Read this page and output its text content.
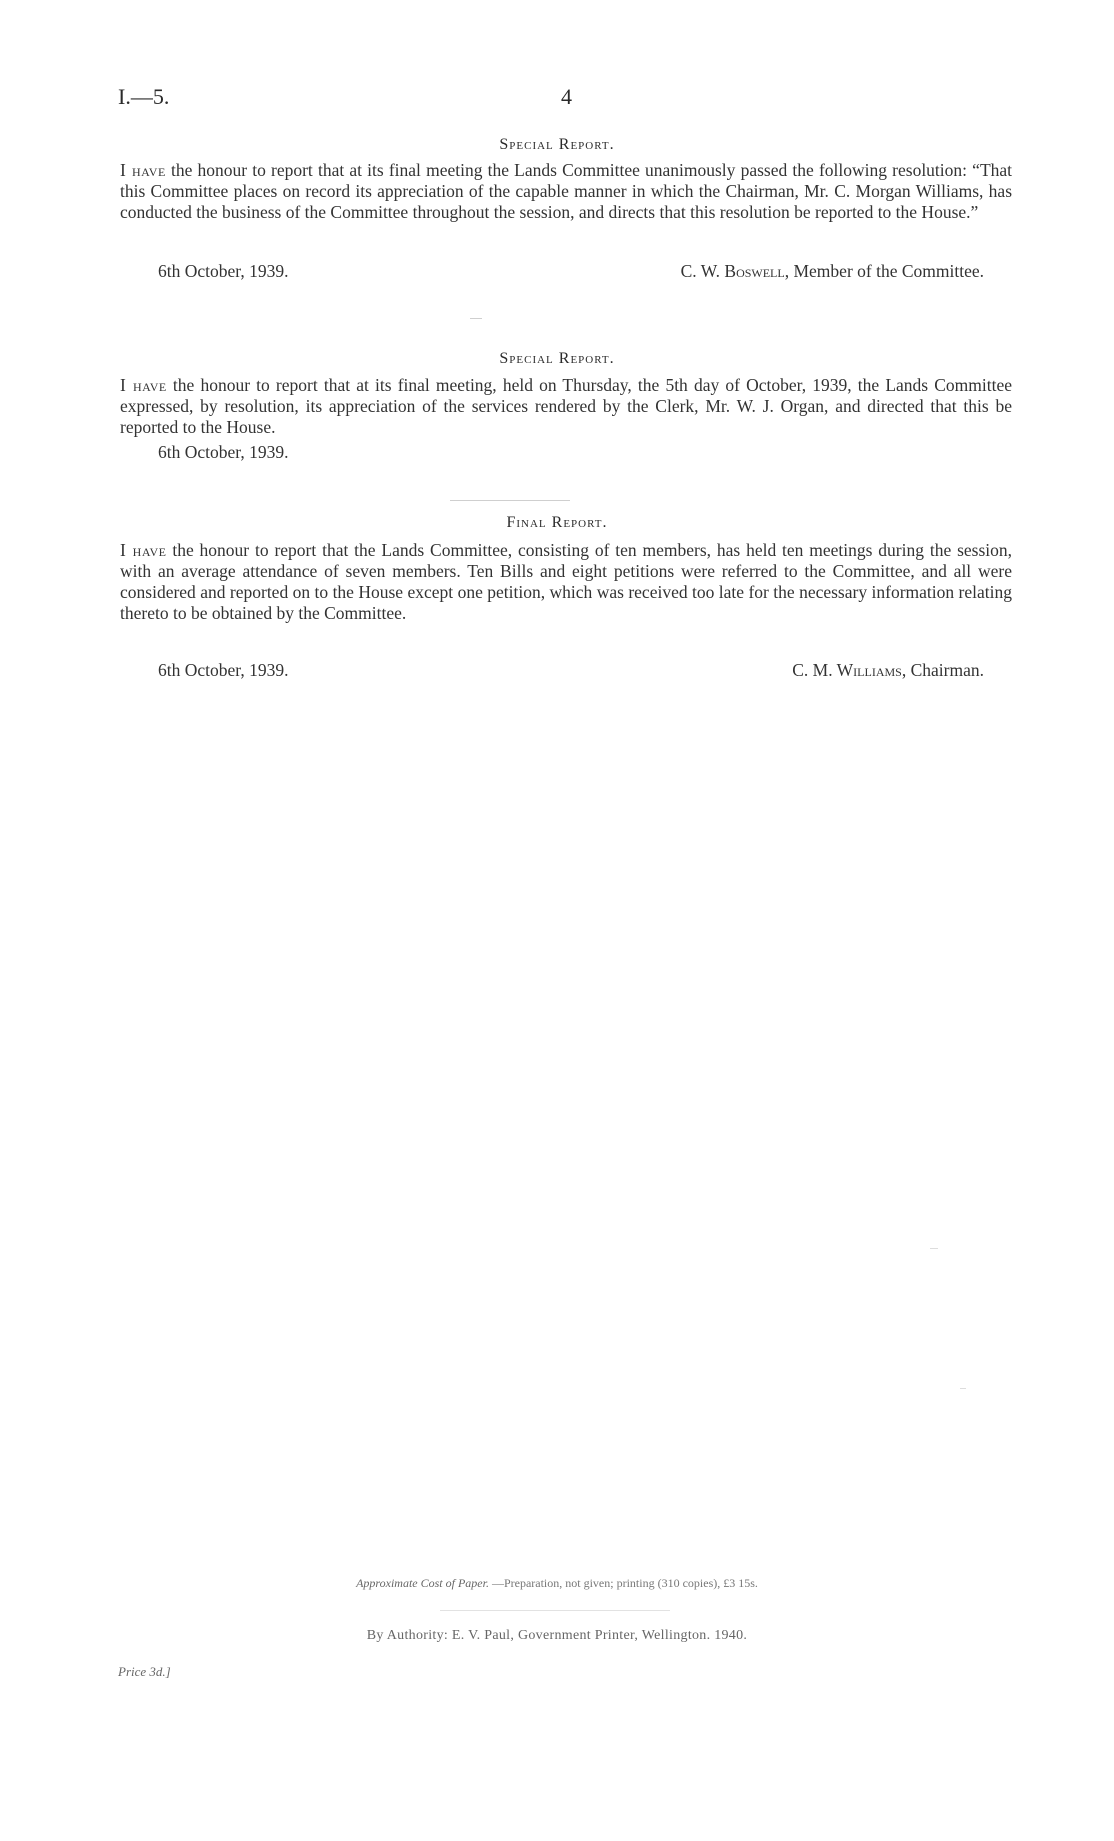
I.—5.	4
Special Report.
I have the honour to report that at its final meeting the Lands Committee unanimously passed the following resolution: “That this Committee places on record its appreciation of the capable manner in which the Chairman, Mr. C. Morgan Williams, has conducted the business of the Committee throughout the session, and directs that this resolution be reported to the House.”
6th October, 1939.	C. W. Boswell, Member of the Committee.
Special Report.
I have the honour to report that at its final meeting, held on Thursday, the 5th day of October, 1939, the Lands Committee expressed, by resolution, its appreciation of the services rendered by the Clerk, Mr. W. J. Organ, and directed that this be reported to the House.
6th October, 1939.
Final Report.
I have the honour to report that the Lands Committee, consisting of ten members, has held ten meetings during the session, with an average attendance of seven members. Ten Bills and eight petitions were referred to the Committee, and all were considered and reported on to the House except one petition, which was received too late for the necessary information relating thereto to be obtained by the Committee.
6th October, 1939.	C. M. Williams, Chairman.
Approximate Cost of Paper. —Preparation, not given; printing (310 copies), £3 15s.
By Authority: E. V. Paul, Government Printer, Wellington. 1940.
Price 3d.]
